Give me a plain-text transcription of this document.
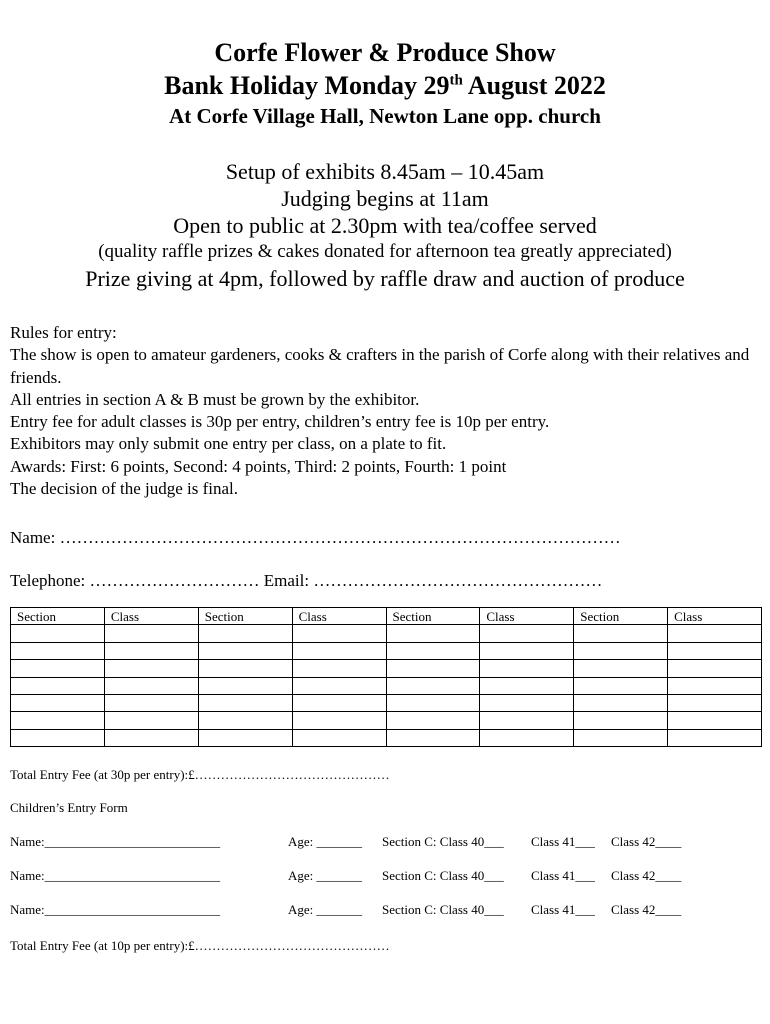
Corfe Flower & Produce Show

Bank Holiday Monday 29th August 2022

At Corfe Village Hall, Newton Lane opp. church

Setup of exhibits 8.45am – 10.45am

Judging begins at 11am

Open to public at 2.30pm with tea/coffee served

(quality raffle prizes & cakes donated for afternoon tea greatly appreciated)

Prize giving at 4pm, followed by raffle draw and auction of produce

Rules for entry:

The show is open to amateur gardeners, cooks & crafters in the parish of Corfe along with their relatives and friends.

All entries in section A & B must be grown by the exhibitor.

Entry fee for adult classes is 30p per entry, children’s entry fee is 10p per entry.

Exhibitors may only submit one entry per class, on a plate to fit.

Awards: First: 6 points, Second: 4 points, Third: 2 points, Fourth: 1 point

The decision of the judge is final.

Name: ………………………………………………………………………………………
Telephone: ………………………… Email: ……………………………………………
Section	Class	Section	Class	Section	Class	Section	Class

Total Entry Fee (at 30p per entry):£………………………………………
Children’s Entry Form
Name:___________________________	Age: _______ Section C: Class 40___ Class 41___ Class 42____
Name:___________________________	Age: _______ Section C: Class 40___ Class 41___ Class 42____
Name:___________________________	Age: _______ Section C: Class 40___ Class 41___ Class 42____
Total Entry Fee (at 10p per entry):£………………………………………
